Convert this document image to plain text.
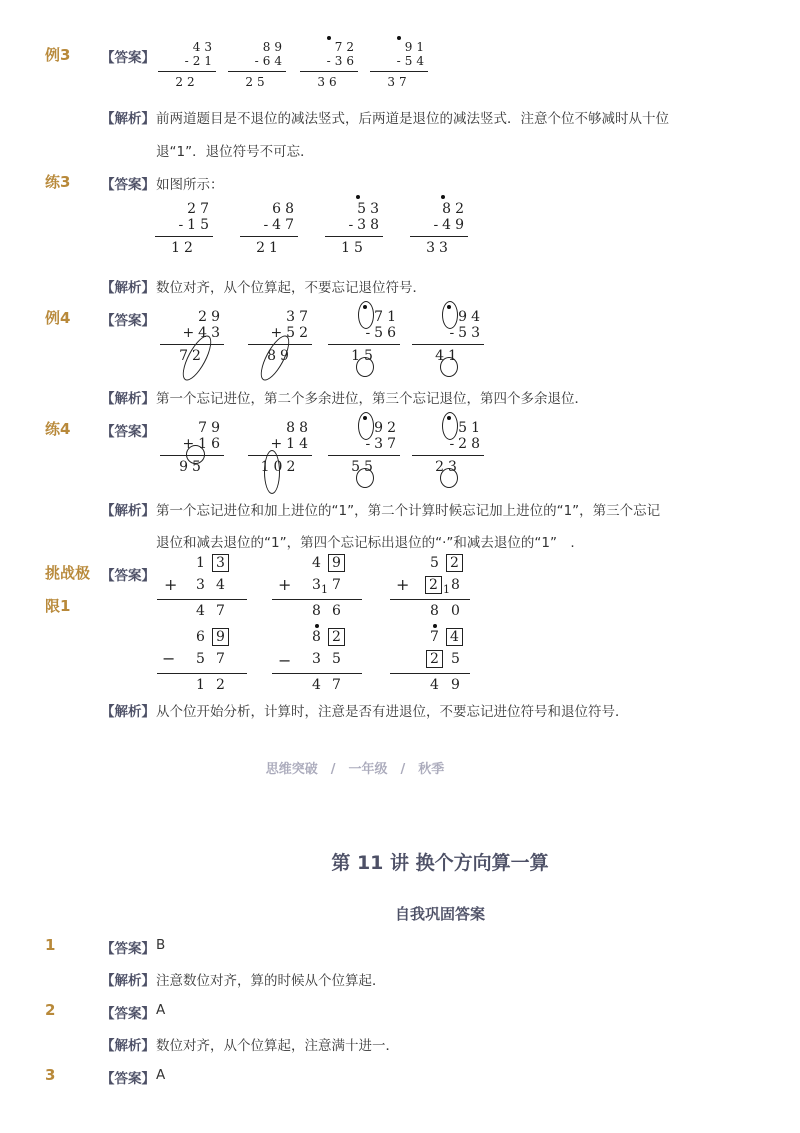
例3 【答案】
43
-21
22
89
-64
25
72
-36
36
91
-54
37
【解析】 前两道题目是不退位的减法竖式，后两道是退位的减法竖式．注意个位不够减时从十位
退“1”．退位符号不可忘．
练3 【答案】 如图所示：
27
-15
12
68
-47
21
53
-38
15
82
-49
33
【解析】 数位对齐，从个位算起，不要忘记退位符号．
例4 【答案】	29
+43
72
37
+52
89
71
-56
15
94
-53
41
【解析】 第一个忘记进位，第二个多余进位，第三个忘记退位，第四个多余退位．
练4 【答案】	79
+16
95
88
+14
102
92
-37
55
51
-28
23
【解析】 第一个忘记进位和加上进位的“1”，第二个计算时候忘记加上进位的“1”，第三个忘记
退位和减去退位的“1”，第四个忘记标出退位的“·”和减去退位的“1”　.
挑战极
限1
【答案】
1 3
+ 3 4
4 7
4 9
+ 3 1 7
8 6
5 2
+ 2 1 8
8 0
6 9
− 5 7
1 2
8 2
− 3 5
4 7
7 4
2 5
4 9
【解析】 从个位开始分析，计算时，注意是否有进退位，不要忘记进位符号和退位符号．
思维突破　/　一年级　/　秋季
第 11 讲 换个方向算一算
自我巩固答案
1	【答案】 B
【解析】 注意数位对齐，算的时候从个位算起．
2	【答案】 A
【解析】 数位对齐，从个位算起，注意满十进一．
3	【答案】 A
